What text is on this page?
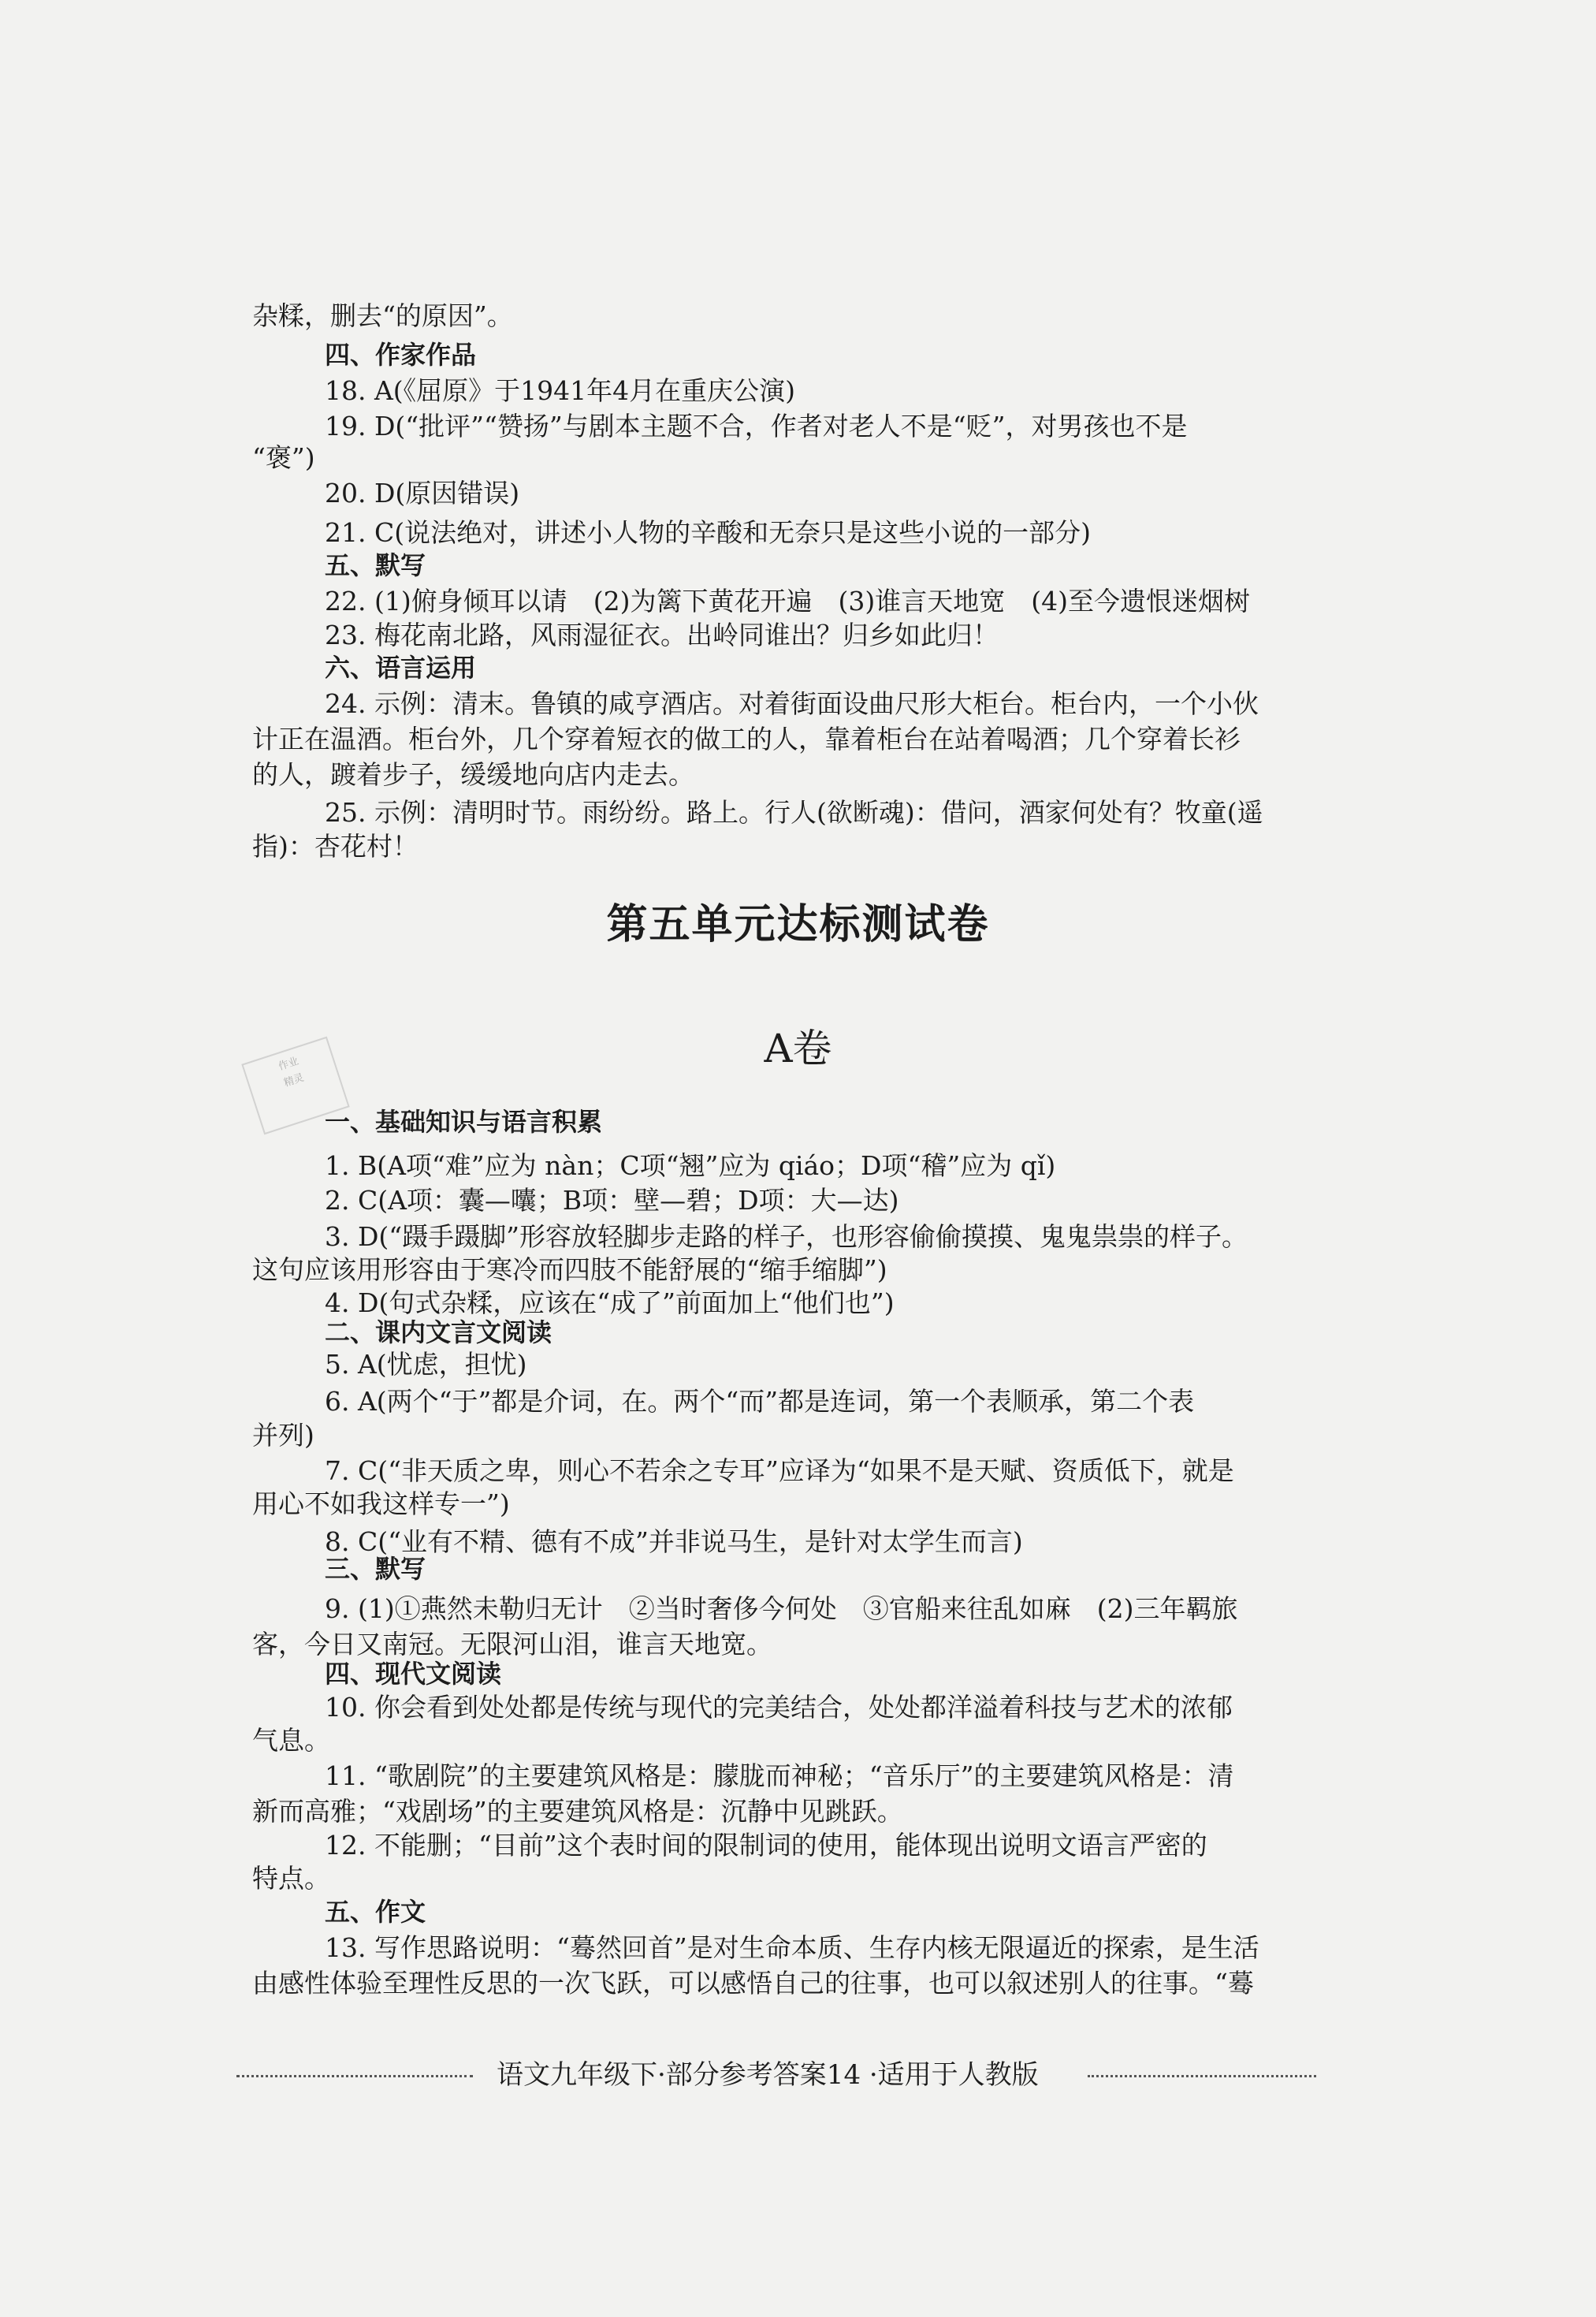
杂糅，删去“的原因”。
四、作家作品
18. A(《屈原》于1941年4月在重庆公演)
19. D(“批评”“赞扬”与剧本主题不合，作者对老人不是“贬”，对男孩也不是
“褒”)
20. D(原因错误)
21. C(说法绝对，讲述小人物的辛酸和无奈只是这些小说的一部分)
五、默写
22. (1)俯身倾耳以请　(2)为篱下黄花开遍　(3)谁言天地宽　(4)至今遗恨迷烟树
23. 梅花南北路，风雨湿征衣。出岭同谁出？归乡如此归！
六、语言运用
24. 示例：清末。鲁镇的咸亨酒店。对着街面设曲尺形大柜台。柜台内，一个小伙
计正在温酒。柜台外，几个穿着短衣的做工的人，靠着柜台在站着喝酒；几个穿着长衫
的人，踱着步子，缓缓地向店内走去。
25. 示例：清明时节。雨纷纷。路上。行人(欲断魂)：借问，酒家何处有？牧童(遥
指)：杏花村！
第五单元达标测试卷
A卷
作业
精灵
一、基础知识与语言积累
1. B(A项“难”应为 nàn；C项“翘”应为 qiáo；D项“稽”应为 qǐ)
2. C(A项：囊—囔；B项：壁—碧；D项：大—达)
3. D(“蹑手蹑脚”形容放轻脚步走路的样子，也形容偷偷摸摸、鬼鬼祟祟的样子。
这句应该用形容由于寒冷而四肢不能舒展的“缩手缩脚”)
4. D(句式杂糅，应该在“成了”前面加上“他们也”)
二、课内文言文阅读
5. A(忧虑，担忧)
6. A(两个“于”都是介词，在。两个“而”都是连词，第一个表顺承，第二个表
并列)
7. C(“非天质之卑，则心不若余之专耳”应译为“如果不是天赋、资质低下，就是
用心不如我这样专一”)
8. C(“业有不精、德有不成”并非说马生，是针对太学生而言)
三、默写
9. (1)①燕然未勒归无计　②当时奢侈今何处　③官船来往乱如麻　(2)三年羁旅
客，今日又南冠。无限河山泪，谁言天地宽。
四、现代文阅读
10. 你会看到处处都是传统与现代的完美结合，处处都洋溢着科技与艺术的浓郁
气息。
11. “歌剧院”的主要建筑风格是：朦胧而神秘；“音乐厅”的主要建筑风格是：清
新而高雅；“戏剧场”的主要建筑风格是：沉静中见跳跃。
12. 不能删；“目前”这个表时间的限制词的使用，能体现出说明文语言严密的
特点。
五、作文
13. 写作思路说明：“蓦然回首”是对生命本质、生存内核无限逼近的探索，是生活
由感性体验至理性反思的一次飞跃，可以感悟自己的往事，也可以叙述别人的往事。“蓦
语文九年级下·部分参考答案14 ·适用于人教版
